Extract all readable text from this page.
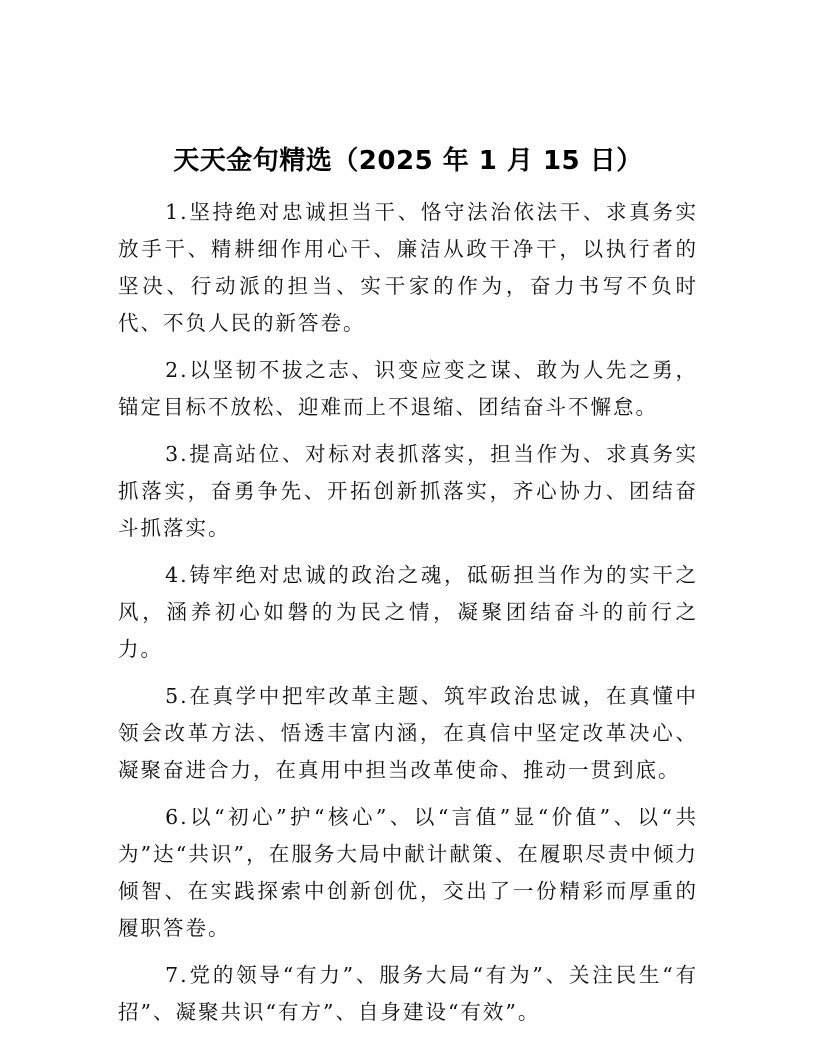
天天金句精选（2025 年 1 月 15 日）

1.坚持绝对忠诚担当干、恪守法治依法干、求真务实放手干、精耕细作用心干、廉洁从政干净干，以执行者的坚决、行动派的担当、实干家的作为，奋力书写不负时代、不负人民的新答卷。

2.以坚韧不拔之志、识变应变之谋、敢为人先之勇，锚定目标不放松、迎难而上不退缩、团结奋斗不懈怠。

3.提高站位、对标对表抓落实，担当作为、求真务实抓落实，奋勇争先、开拓创新抓落实，齐心协力、团结奋斗抓落实。

4.铸牢绝对忠诚的政治之魂，砥砺担当作为的实干之风，涵养初心如磐的为民之情，凝聚团结奋斗的前行之力。

5.在真学中把牢改革主题、筑牢政治忠诚，在真懂中领会改革方法、悟透丰富内涵，在真信中坚定改革决心、凝聚奋进合力，在真用中担当改革使命、推动一贯到底。

6.以“初心”护“核心”、以“言值”显“价值”、以“共为”达“共识”，在服务大局中献计献策、在履职尽责中倾力倾智、在实践探索中创新创优，交出了一份精彩而厚重的履职答卷。

7.党的领导“有力”、服务大局“有为”、关注民生“有招”、凝聚共识“有方”、自身建设“有效”。
